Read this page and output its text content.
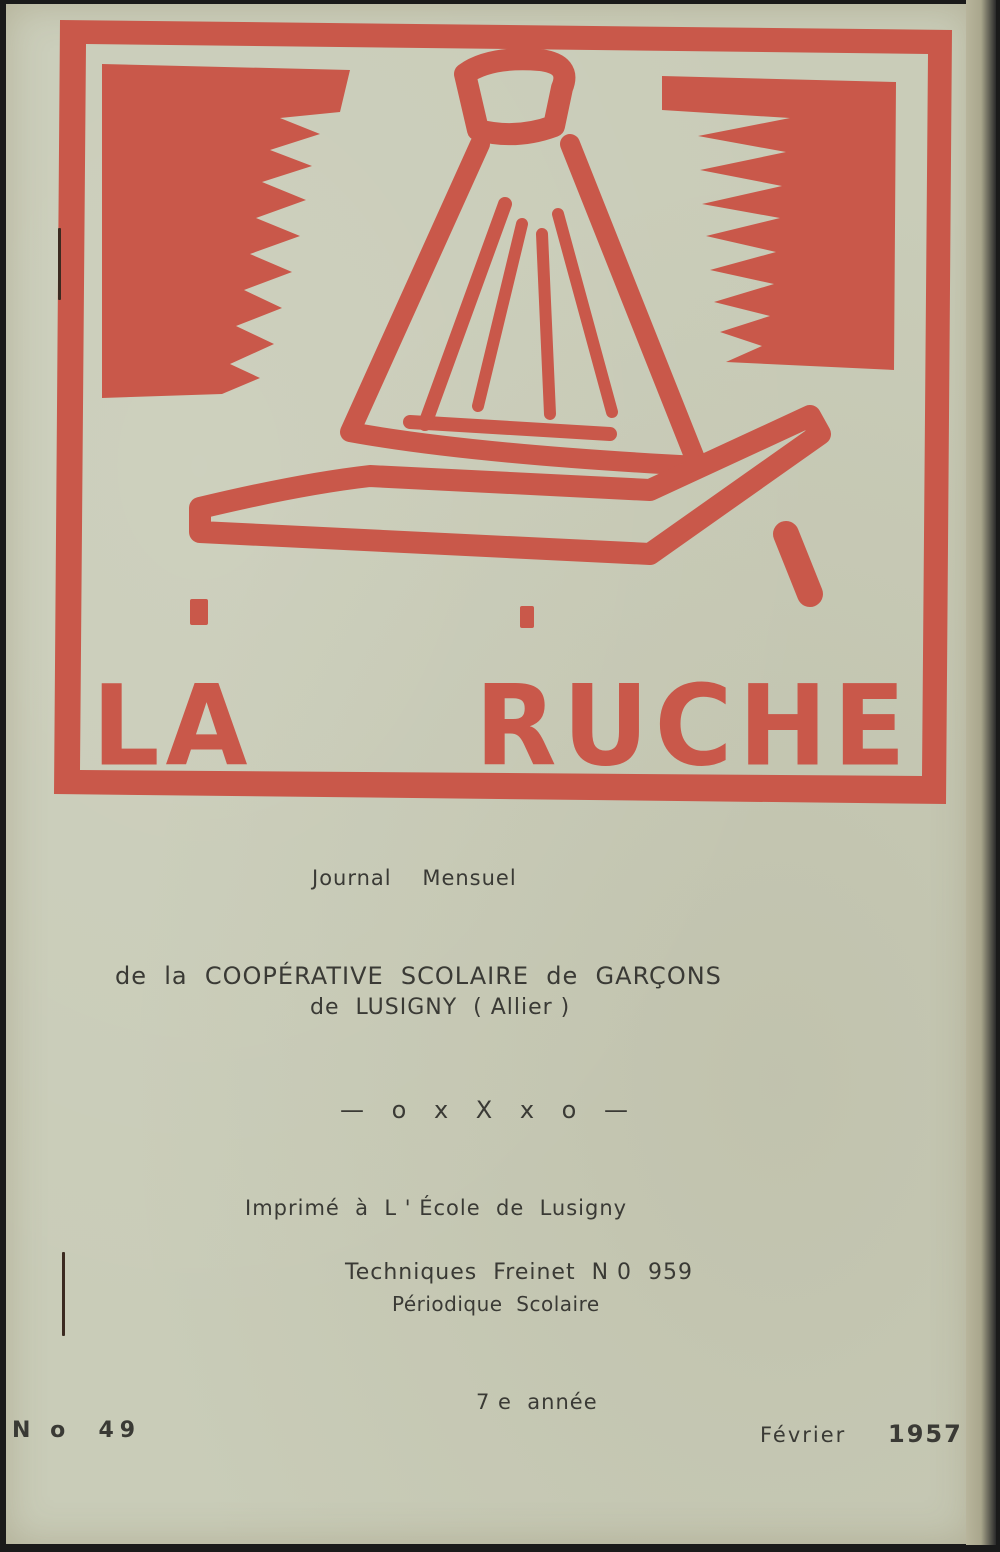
LA RUCHE
Journal    Mensuel
de  la  COOPÉRATIVE  SCOLAIRE  de  GARÇONS
de  LUSIGNY  ( Allier )
— o x X x o —
Imprimé  à  L ' École  de  Lusigny
Techniques  Freinet  N 0  959
Périodique  Scolaire
7 e  année
N o  49	Février 1957
